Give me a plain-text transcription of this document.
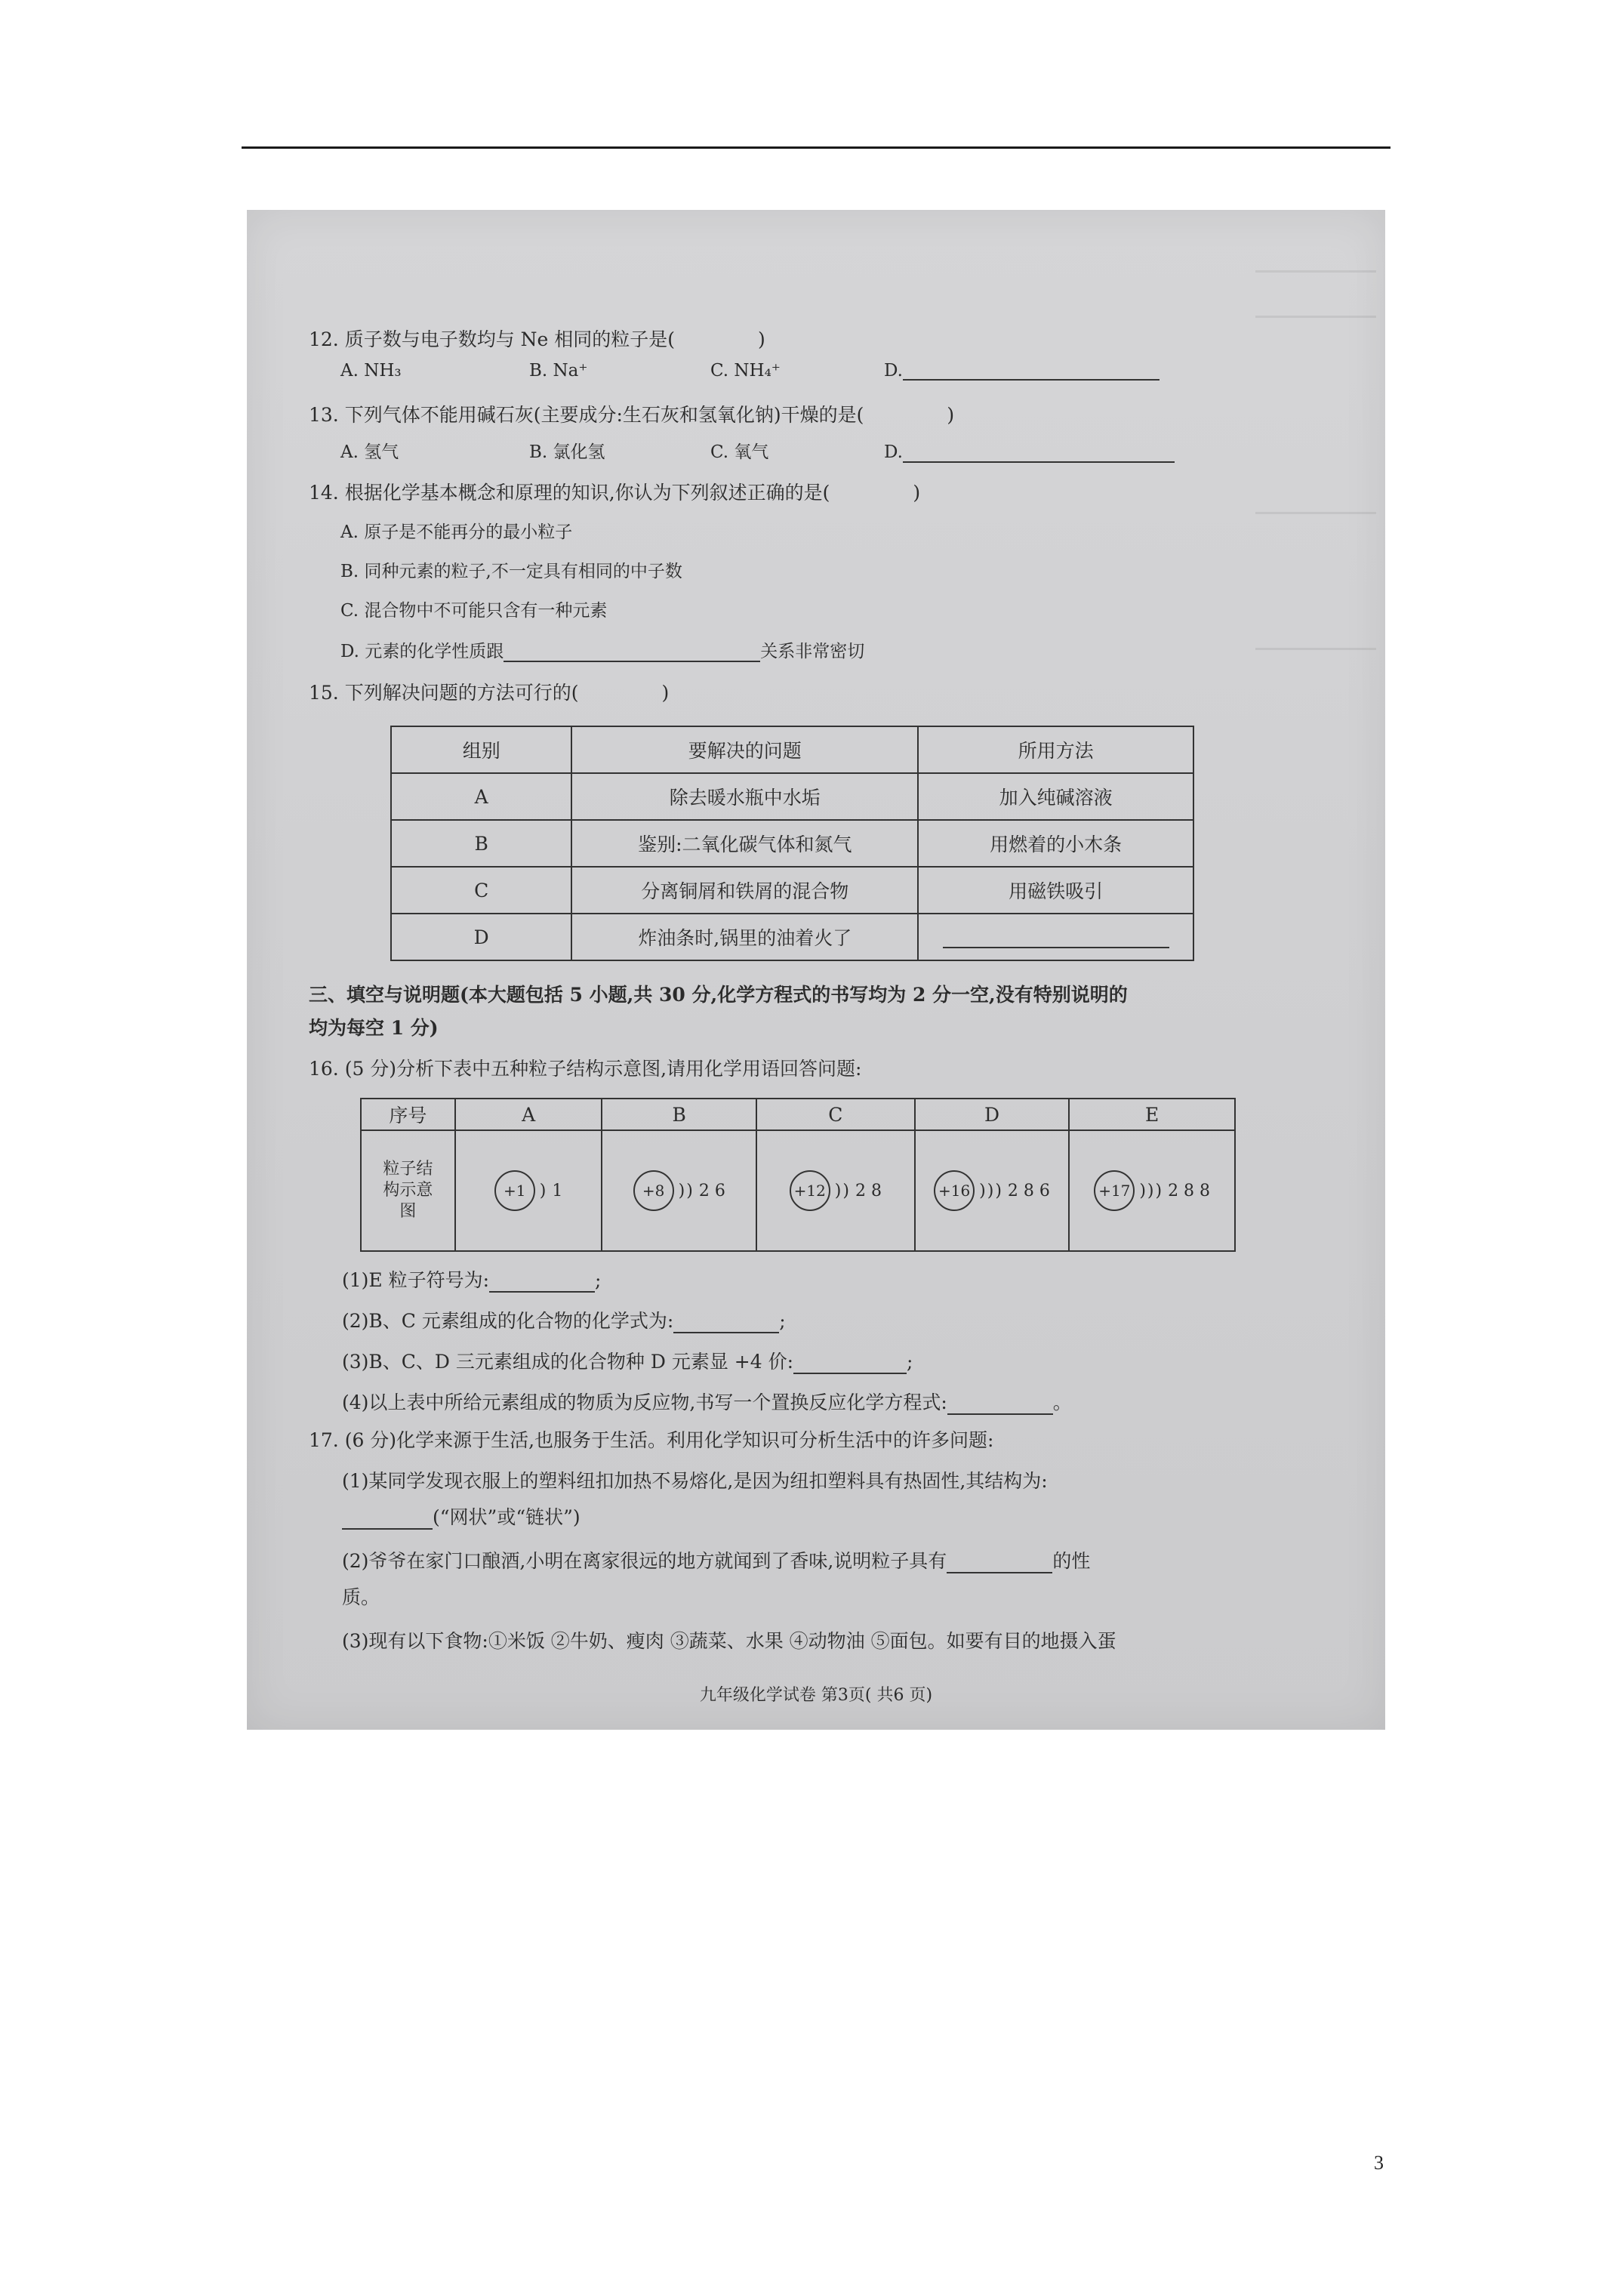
12. 质子数与电子数均与 Ne 相同的粒子是(	)
A. NH₃	B. Na⁺	C. NH₄⁺	D.
13. 下列气体不能用碱石灰(主要成分:生石灰和氢氧化钠)干燥的是(	)
A. 氢气	B. 氯化氢	C. 氧气	D.
14. 根据化学基本概念和原理的知识,你认为下列叙述正确的是(	)
A. 原子是不能再分的最小粒子
B. 同种元素的粒子,不一定具有相同的中子数
C. 混合物中不可能只含有一种元素
D. 元素的化学性质跟	关系非常密切
15. 下列解决问题的方法可行的(	)
组别	要解决的问题	所用方法
A	除去暖水瓶中水垢	加入纯碱溶液
B	鉴别:二氧化碳气体和氮气	用燃着的小木条
C	分离铜屑和铁屑的混合物	用磁铁吸引
D	炸油条时,锅里的油着火了	
三、填空与说明题(本大题包括 5 小题,共 30 分,化学方程式的书写均为 2 分一空,没有特别说明的
均为每空 1 分)
16. (5 分)分析下表中五种粒子结构示意图,请用化学用语回答问题:
序号	A	B	C	D	E
粒子结构示意图	+1 ) 1	+8 )) 2 6	+12 )) 2 8	+16 ))) 2 8 6	+17 ))) 2 8 8
(1)E 粒子符号为:	;
(2)B、C 元素组成的化合物的化学式为:	;
(3)B、C、D 三元素组成的化合物种 D 元素显 +4 价:	;
(4)以上表中所给元素组成的物质为反应物,书写一个置换反应化学方程式:	。
17. (6 分)化学来源于生活,也服务于生活。利用化学知识可分析生活中的许多问题:
(1)某同学发现衣服上的塑料纽扣加热不易熔化,是因为纽扣塑料具有热固性,其结构为:
(“网状”或“链状”)
(2)爷爷在家门口酿酒,小明在离家很远的地方就闻到了香味,说明粒子具有	的性
质。
(3)现有以下食物:①米饭 ②牛奶、瘦肉 ③蔬菜、水果 ④动物油 ⑤面包。如要有目的地摄入蛋
九年级化学试卷 第3页( 共6 页)
3
